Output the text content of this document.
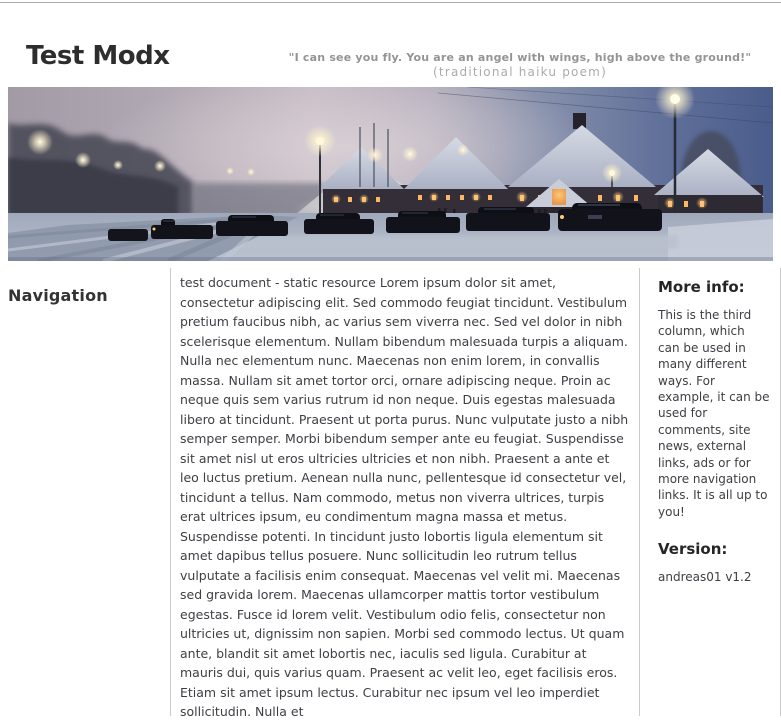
Test Modx	"I can see you fly. You are an angel with wings, high above the ground!"
(traditional haiku poem)
Navigation

test document - static resource Lorem ipsum dolor sit amet, consectetur adipiscing elit. Sed commodo feugiat tincidunt. Vestibulum pretium faucibus nibh, ac varius sem viverra nec. Sed vel dolor in nibh scelerisque elementum. Nullam bibendum malesuada turpis a aliquam. Nulla nec elementum nunc. Maecenas non enim lorem, in convallis massa. Nullam sit amet tortor orci, ornare adipiscing neque. Proin ac neque quis sem varius rutrum id non neque. Duis egestas malesuada libero at tincidunt. Praesent ut porta purus. Nunc vulputate justo a nibh semper semper. Morbi bibendum semper ante eu feugiat. Suspendisse sit amet nisl ut eros ultricies ultricies et non nibh. Praesent a ante et leo luctus pretium. Aenean nulla nunc, pellentesque id consectetur vel, tincidunt a tellus. Nam commodo, metus non viverra ultrices, turpis erat ultrices ipsum, eu condimentum magna massa et metus. Suspendisse potenti. In tincidunt justo lobortis ligula elementum sit amet dapibus tellus posuere. Nunc sollicitudin leo rutrum tellus vulputate a facilisis enim consequat. Maecenas vel velit mi. Maecenas sed gravida lorem. Maecenas ullamcorper mattis tortor vestibulum egestas. Fusce id lorem velit. Vestibulum odio felis, consectetur non ultricies ut, dignissim non sapien. Morbi sed commodo lectus. Ut quam ante, blandit sit amet lobortis nec, iaculis sed ligula. Curabitur at mauris dui, quis varius quam. Praesent ac velit leo, eget facilisis eros. Etiam sit amet ipsum lectus. Curabitur nec ipsum vel leo imperdiet sollicitudin. Nulla et

More info:

This is the third column, which can be used in many different ways. For example, it can be used for comments, site news, external links, ads or for more navigation links. It is all up to you!

Version:

andreas01 v1.2
